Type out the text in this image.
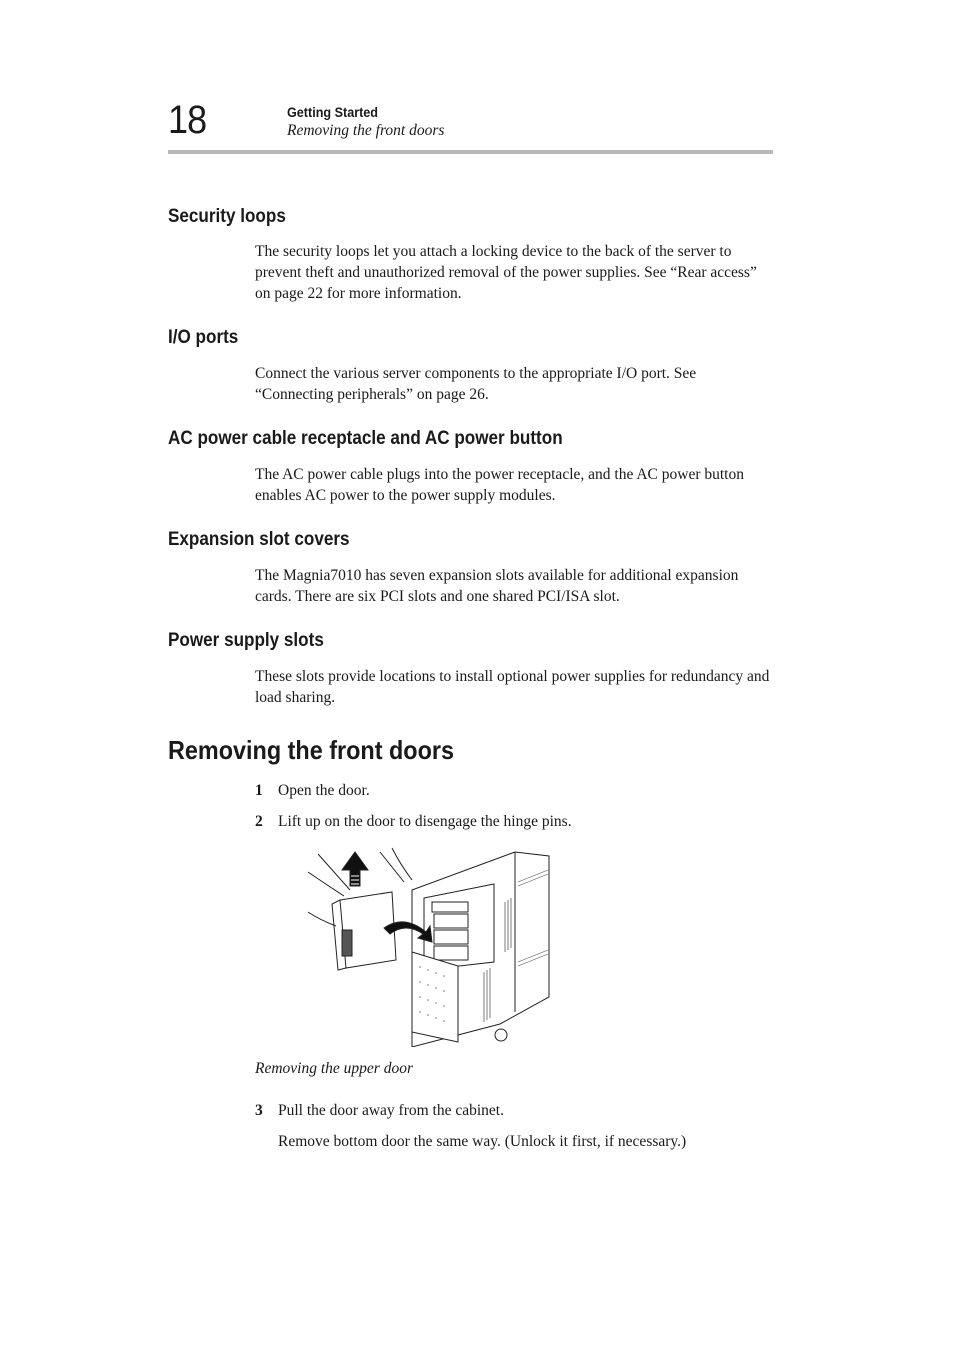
18	Getting Started
Removing the front doors
Security loops

The security loops let you attach a locking device to the back of the server to prevent theft and unauthorized removal of the power supplies. See “Rear access” on page 22 for more information.

I/O ports

Connect the various server components to the appropriate I/O port. See “Connecting peripherals” on page 26.

AC power cable receptacle and AC power button

The AC power cable plugs into the power receptacle, and the AC power button enables AC power to the power supply modules.

Expansion slot covers

The Magnia7010 has seven expansion slots available for additional expansion cards. There are six PCI slots and one shared PCI/ISA slot.

Power supply slots

These slots provide locations to install optional power supplies for redundancy and load sharing.

Removing the front doors
1 Open the door.
2 Lift up on the door to disengage the hinge pins.

Removing the upper door

3 Pull the door away from the cabinet.

Remove bottom door the same way. (Unlock it first, if necessary.)
